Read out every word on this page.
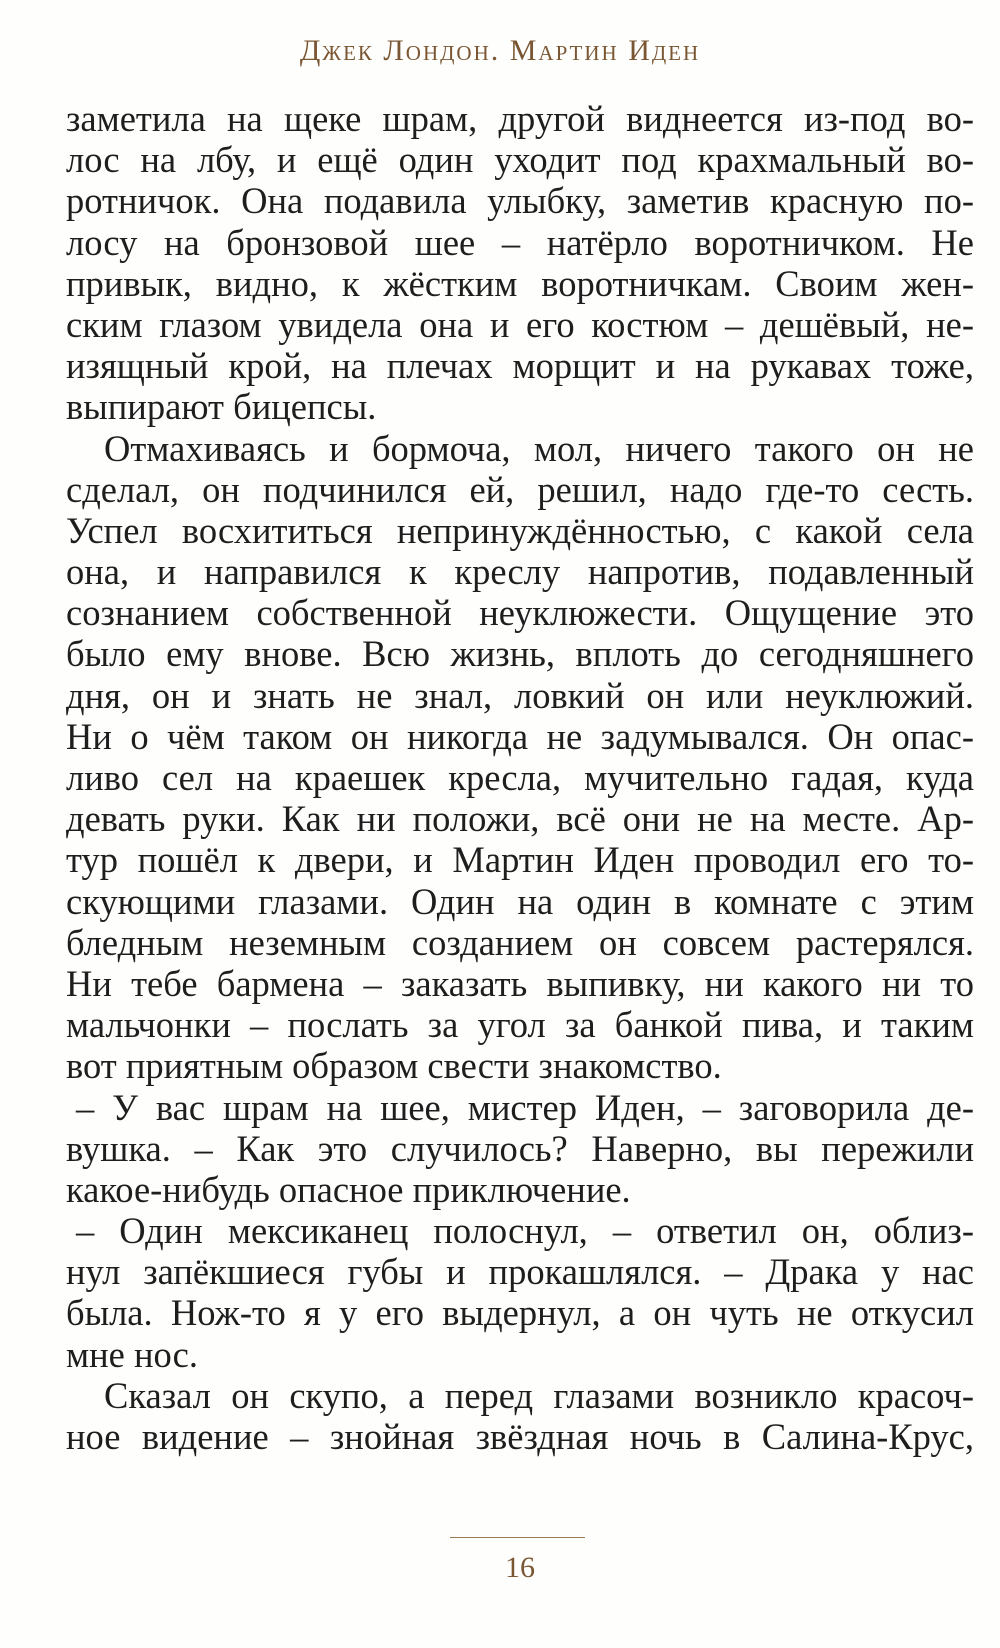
Джек Лондон. Мартин Иден
заметила на щеке шрам, другой виднеется из-под во-
лос на лбу, и ещё один уходит под крахмальный во-
ротничок. Она подавила улыбку, заметив красную по-
лосу на бронзовой шее – натёрло воротничком. Не
привык, видно, к жёстким воротничкам. Своим жен-
ским глазом увидела она и его костюм – дешёвый, не-
изящный крой, на плечах морщит и на рукавах тоже,
выпирают бицепсы.
Отмахиваясь и бормоча, мол, ничего такого он не
сделал, он подчинился ей, решил, надо где-то сесть.
Успел восхититься непринуждённостью, с какой села
она, и направился к креслу напротив, подавленный
сознанием собственной неуклюжести. Ощущение это
было ему внове. Всю жизнь, вплоть до сегодняшнего
дня, он и знать не знал, ловкий он или неуклюжий.
Ни о чём таком он никогда не задумывался. Он опас-
ливо сел на краешек кресла, мучительно гадая, куда
девать руки. Как ни положи, всё они не на месте. Ар-
тур пошёл к двери, и Мартин Иден проводил его то-
скующими глазами. Один на один в комнате с этим
бледным неземным созданием он совсем растерялся.
Ни тебе бармена – заказать выпивку, ни какого ни то
мальчонки – послать за угол за банкой пива, и таким
вот приятным образом свести знакомство.
– У вас шрам на шее, мистер Иден, – заговорила де-
вушка. – Как это случилось? Наверно, вы пережили
какое-нибудь опасное приключение.
– Один мексиканец полоснул, – ответил он, облиз-
нул запёкшиеся губы и прокашлялся. – Драка у нас
была. Нож-то я у его выдернул, а он чуть не откусил
мне нос.
Сказал он скупо, а перед глазами возникло красоч-
ное видение – знойная звёздная ночь в Салина-Крус,
16
